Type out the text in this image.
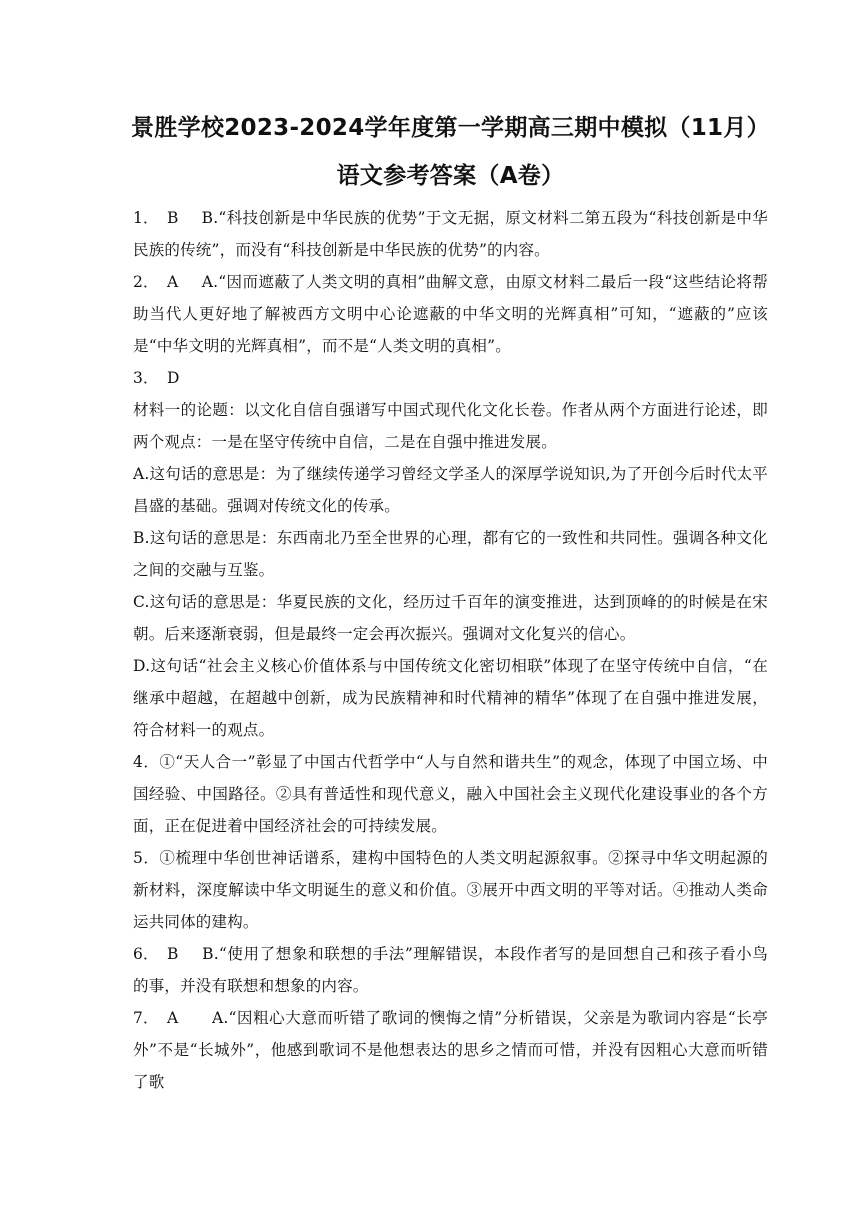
景胜学校2023-2024学年度第一学期高三期中模拟（11月）
语文参考答案（A卷）

1． B B.“科技创新是中华民族的优势”于文无据，原文材料二第五段为“科技创新是中华民族的传统”，而没有“科技创新是中华民族的优势”的内容。

2． A A.“因而遮蔽了人类文明的真相”曲解文意，由原文材料二最后一段“这些结论将帮助当代人更好地了解被西方文明中心论遮蔽的中华文明的光辉真相”可知，“遮蔽的”应该是“中华文明的光辉真相”，而不是“人类文明的真相”。

3． D

材料一的论题：以文化自信自强谱写中国式现代化文化长卷。作者从两个方面进行论述，即两个观点：一是在坚守传统中自信，二是在自强中推进发展。

A.这句话的意思是：为了继续传递学习曾经文学圣人的深厚学说知识,为了开创今后时代太平昌盛的基础。强调对传统文化的传承。

B.这句话的意思是：东西南北乃至全世界的心理，都有它的一致性和共同性。强调各种文化之间的交融与互鉴。

C.这句话的意思是：华夏民族的文化，经历过千百年的演变推进，达到顶峰的的时候是在宋朝。后来逐渐衰弱，但是最终一定会再次振兴。强调对文化复兴的信心。

D.这句话“社会主义核心价值体系与中国传统文化密切相联”体现了在坚守传统中自信，“在继承中超越，在超越中创新，成为民族精神和时代精神的精华”体现了在自强中推进发展，符合材料一的观点。

4．①“天人合一”彰显了中国古代哲学中“人与自然和谐共生”的观念，体现了中国立场、中国经验、中国路径。②具有普适性和现代意义，融入中国社会主义现代化建设事业的各个方面，正在促进着中国经济社会的可持续发展。

5．①梳理中华创世神话谱系，建构中国特色的人类文明起源叙事。②探寻中华文明起源的新材料，深度解读中华文明诞生的意义和价值。③展开中西文明的平等对话。④推动人类命运共同体的建构。

6． B B.“使用了想象和联想的手法”理解错误，本段作者写的是回想自己和孩子看小鸟的事，并没有联想和想象的内容。

7． A A.“因粗心大意而听错了歌词的懊悔之情”分析错误，父亲是为歌词内容是“长亭外”不是“长城外”，他感到歌词不是他想表达的思乡之情而可惜，并没有因粗心大意而听错了歌
